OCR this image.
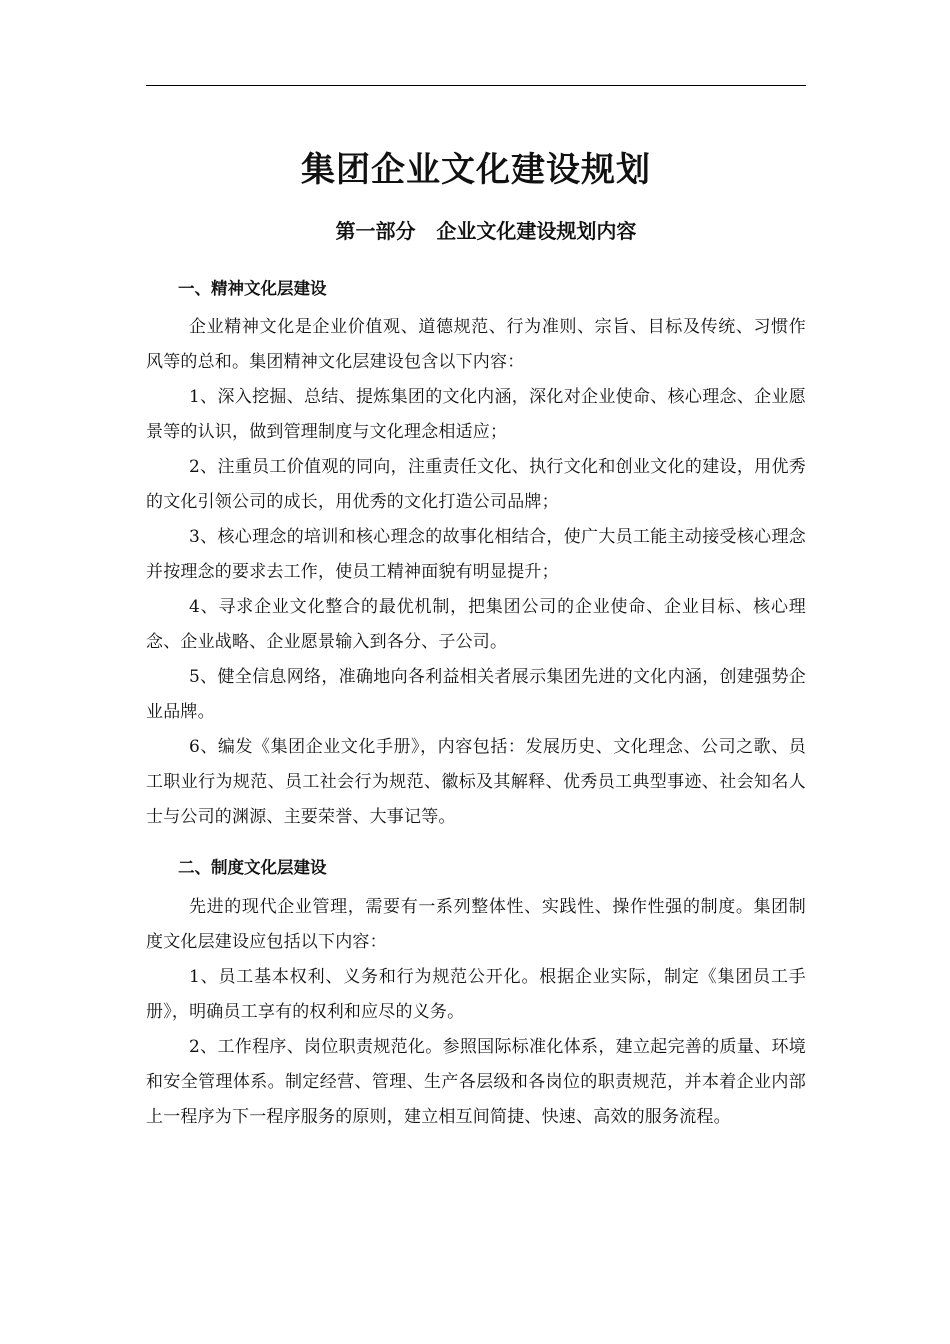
集团企业文化建设规划
第一部分   企业文化建设规划内容
一、精神文化层建设

企业精神文化是企业价值观、道德规范、行为准则、宗旨、目标及传统、习惯作风等的总和。集团精神文化层建设包含以下内容：

1、深入挖掘、总结、提炼集团的文化内涵，深化对企业使命、核心理念、企业愿景等的认识，做到管理制度与文化理念相适应；

2、注重员工价值观的同向，注重责任文化、执行文化和创业文化的建设，用优秀的文化引领公司的成长，用优秀的文化打造公司品牌；

3、核心理念的培训和核心理念的故事化相结合，使广大员工能主动接受核心理念并按理念的要求去工作，使员工精神面貌有明显提升；

4、寻求企业文化整合的最优机制，把集团公司的企业使命、企业目标、核心理念、企业战略、企业愿景输入到各分、子公司。

5、健全信息网络，准确地向各利益相关者展示集团先进的文化内涵，创建强势企业品牌。

6、编发《集团企业文化手册》，内容包括：发展历史、文化理念、公司之歌、员工职业行为规范、员工社会行为规范、徽标及其解释、优秀员工典型事迹、社会知名人士与公司的渊源、主要荣誉、大事记等。

二、制度文化层建设

先进的现代企业管理，需要有一系列整体性、实践性、操作性强的制度。集团制度文化层建设应包括以下内容：

1、员工基本权利、义务和行为规范公开化。根据企业实际，制定《集团员工手册》，明确员工享有的权利和应尽的义务。

2、工作程序、岗位职责规范化。参照国际标准化体系，建立起完善的质量、环境和安全管理体系。制定经营、管理、生产各层级和各岗位的职责规范，并本着企业内部上一程序为下一程序服务的原则，建立相互间简捷、快速、高效的服务流程。
